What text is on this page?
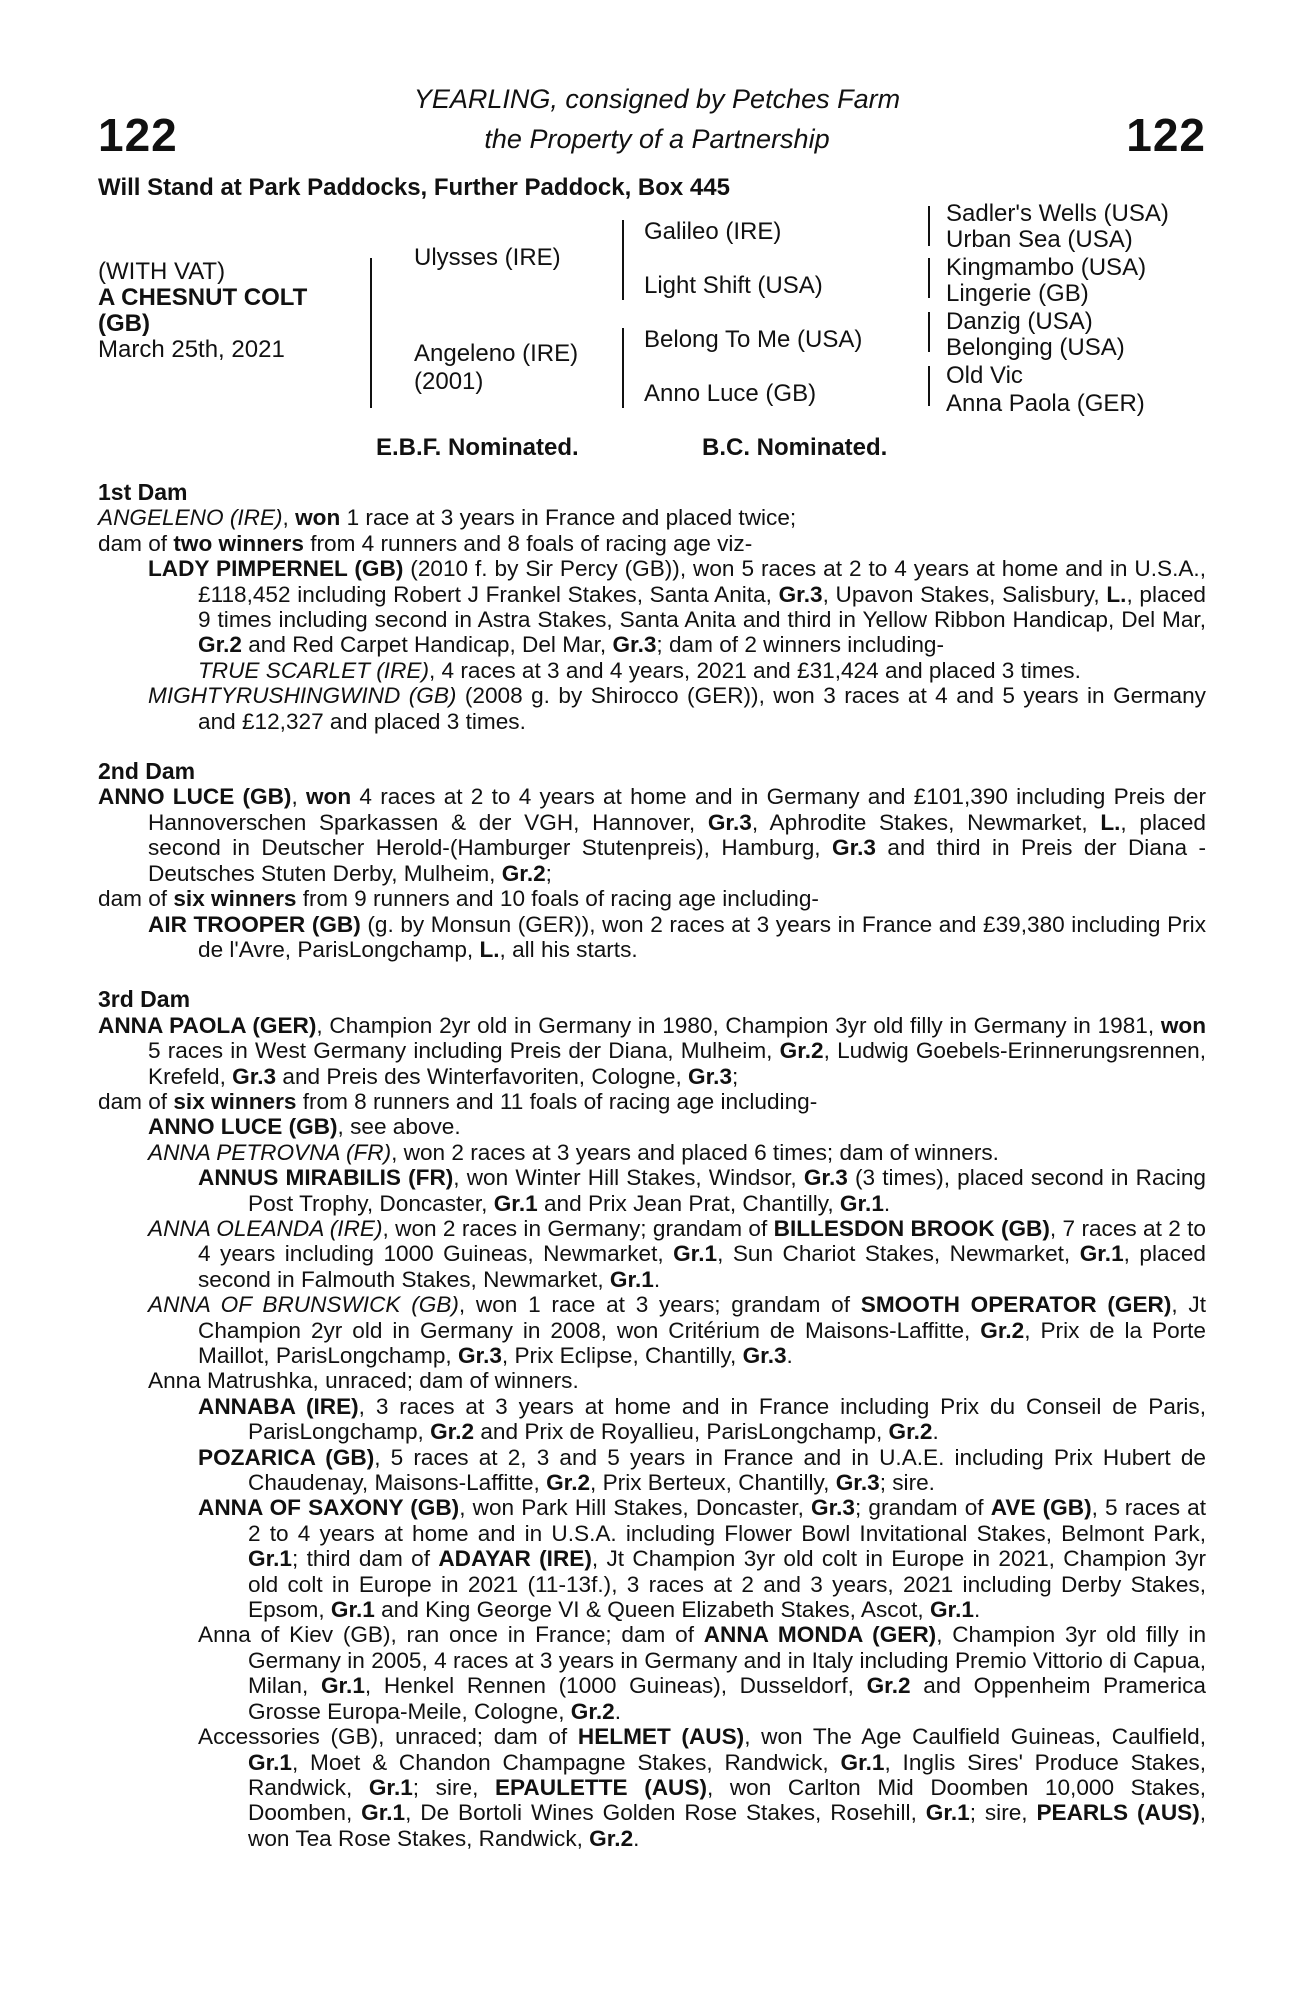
122	122
YEARLING, consigned by Petches Farm
the Property of a Partnership
Will Stand at Park Paddocks, Further Paddock, Box 445
(WITH VAT)
A CHESNUT COLT
(GB)
March 25th, 2021
Ulysses (IRE)
Angeleno (IRE)
(2001)
Galileo (IRE)
Light Shift (USA)
Belong To Me (USA)
Anno Luce (GB)
Sadler's Wells (USA)
Urban Sea (USA)
Kingmambo (USA)
Lingerie (GB)
Danzig (USA)
Belonging (USA)
Old Vic
Anna Paola (GER)
E.B.F. Nominated.	B.C. Nominated.

1st Dam

ANGELENO (IRE), won 1 race at 3 years in France and placed twice;

dam of two winners from 4 runners and 8 foals of racing age viz-

LADY PIMPERNEL (GB) (2010 f. by Sir Percy (GB)), won 5 races at 2 to 4 years at home and in U.S.A., £118,452 including Robert J Frankel Stakes, Santa Anita, Gr.3, Upavon Stakes, Salisbury, L., placed 9 times including second in Astra Stakes, Santa Anita and third in Yellow Ribbon Handicap, Del Mar, Gr.2 and Red Carpet Handicap, Del Mar, Gr.3; dam of 2 winners including-

TRUE SCARLET (IRE), 4 races at 3 and 4 years, 2021 and £31,424 and placed 3 times.

MIGHTYRUSHINGWIND (GB) (2008 g. by Shirocco (GER)), won 3 races at 4 and 5 years in Germany and £12,327 and placed 3 times.

2nd Dam

ANNO LUCE (GB), won 4 races at 2 to 4 years at home and in Germany and £101,390 including Preis der Hannoverschen Sparkassen & der VGH, Hannover, Gr.3, Aphrodite Stakes, Newmarket, L., placed second in Deutscher Herold-(Hamburger Stutenpreis), Hamburg, Gr.3 and third in Preis der Diana - Deutsches Stuten Derby, Mulheim, Gr.2;

dam of six winners from 9 runners and 10 foals of racing age including-

AIR TROOPER (GB) (g. by Monsun (GER)), won 2 races at 3 years in France and £39,380 including Prix de l'Avre, ParisLongchamp, L., all his starts.

3rd Dam

ANNA PAOLA (GER), Champion 2yr old in Germany in 1980, Champion 3yr old filly in Germany in 1981, won 5 races in West Germany including Preis der Diana, Mulheim, Gr.2, Ludwig Goebels-Erinnerungsrennen, Krefeld, Gr.3 and Preis des Winterfavoriten, Cologne, Gr.3;

dam of six winners from 8 runners and 11 foals of racing age including-

ANNO LUCE (GB), see above.

ANNA PETROVNA (FR), won 2 races at 3 years and placed 6 times; dam of winners.

ANNUS MIRABILIS (FR), won Winter Hill Stakes, Windsor, Gr.3 (3 times), placed second in Racing Post Trophy, Doncaster, Gr.1 and Prix Jean Prat, Chantilly, Gr.1.

ANNA OLEANDA (IRE), won 2 races in Germany; grandam of BILLESDON BROOK (GB), 7 races at 2 to 4 years including 1000 Guineas, Newmarket, Gr.1, Sun Chariot Stakes, Newmarket, Gr.1, placed second in Falmouth Stakes, Newmarket, Gr.1.

ANNA OF BRUNSWICK (GB), won 1 race at 3 years; grandam of SMOOTH OPERATOR (GER), Jt Champion 2yr old in Germany in 2008, won Critérium de Maisons-Laffitte, Gr.2, Prix de la Porte Maillot, ParisLongchamp, Gr.3, Prix Eclipse, Chantilly, Gr.3.

Anna Matrushka, unraced; dam of winners.

ANNABA (IRE), 3 races at 3 years at home and in France including Prix du Conseil de Paris, ParisLongchamp, Gr.2 and Prix de Royallieu, ParisLongchamp, Gr.2.

POZARICA (GB), 5 races at 2, 3 and 5 years in France and in U.A.E. including Prix Hubert de Chaudenay, Maisons-Laffitte, Gr.2, Prix Berteux, Chantilly, Gr.3; sire.

ANNA OF SAXONY (GB), won Park Hill Stakes, Doncaster, Gr.3; grandam of AVE (GB), 5 races at 2 to 4 years at home and in U.S.A. including Flower Bowl Invitational Stakes, Belmont Park, Gr.1; third dam of ADAYAR (IRE), Jt Champion 3yr old colt in Europe in 2021, Champion 3yr old colt in Europe in 2021 (11-13f.), 3 races at 2 and 3 years, 2021 including Derby Stakes, Epsom, Gr.1 and King George VI & Queen Elizabeth Stakes, Ascot, Gr.1.

Anna of Kiev (GB), ran once in France; dam of ANNA MONDA (GER), Champion 3yr old filly in Germany in 2005, 4 races at 3 years in Germany and in Italy including Premio Vittorio di Capua, Milan, Gr.1, Henkel Rennen (1000 Guineas), Dusseldorf, Gr.2 and Oppenheim Pramerica Grosse Europa-Meile, Cologne, Gr.2.

Accessories (GB), unraced; dam of HELMET (AUS), won The Age Caulfield Guineas, Caulfield, Gr.1, Moet & Chandon Champagne Stakes, Randwick, Gr.1, Inglis Sires' Produce Stakes, Randwick, Gr.1; sire, EPAULETTE (AUS), won Carlton Mid Doomben 10,000 Stakes, Doomben, Gr.1, De Bortoli Wines Golden Rose Stakes, Rosehill, Gr.1; sire, PEARLS (AUS), won Tea Rose Stakes, Randwick, Gr.2.
